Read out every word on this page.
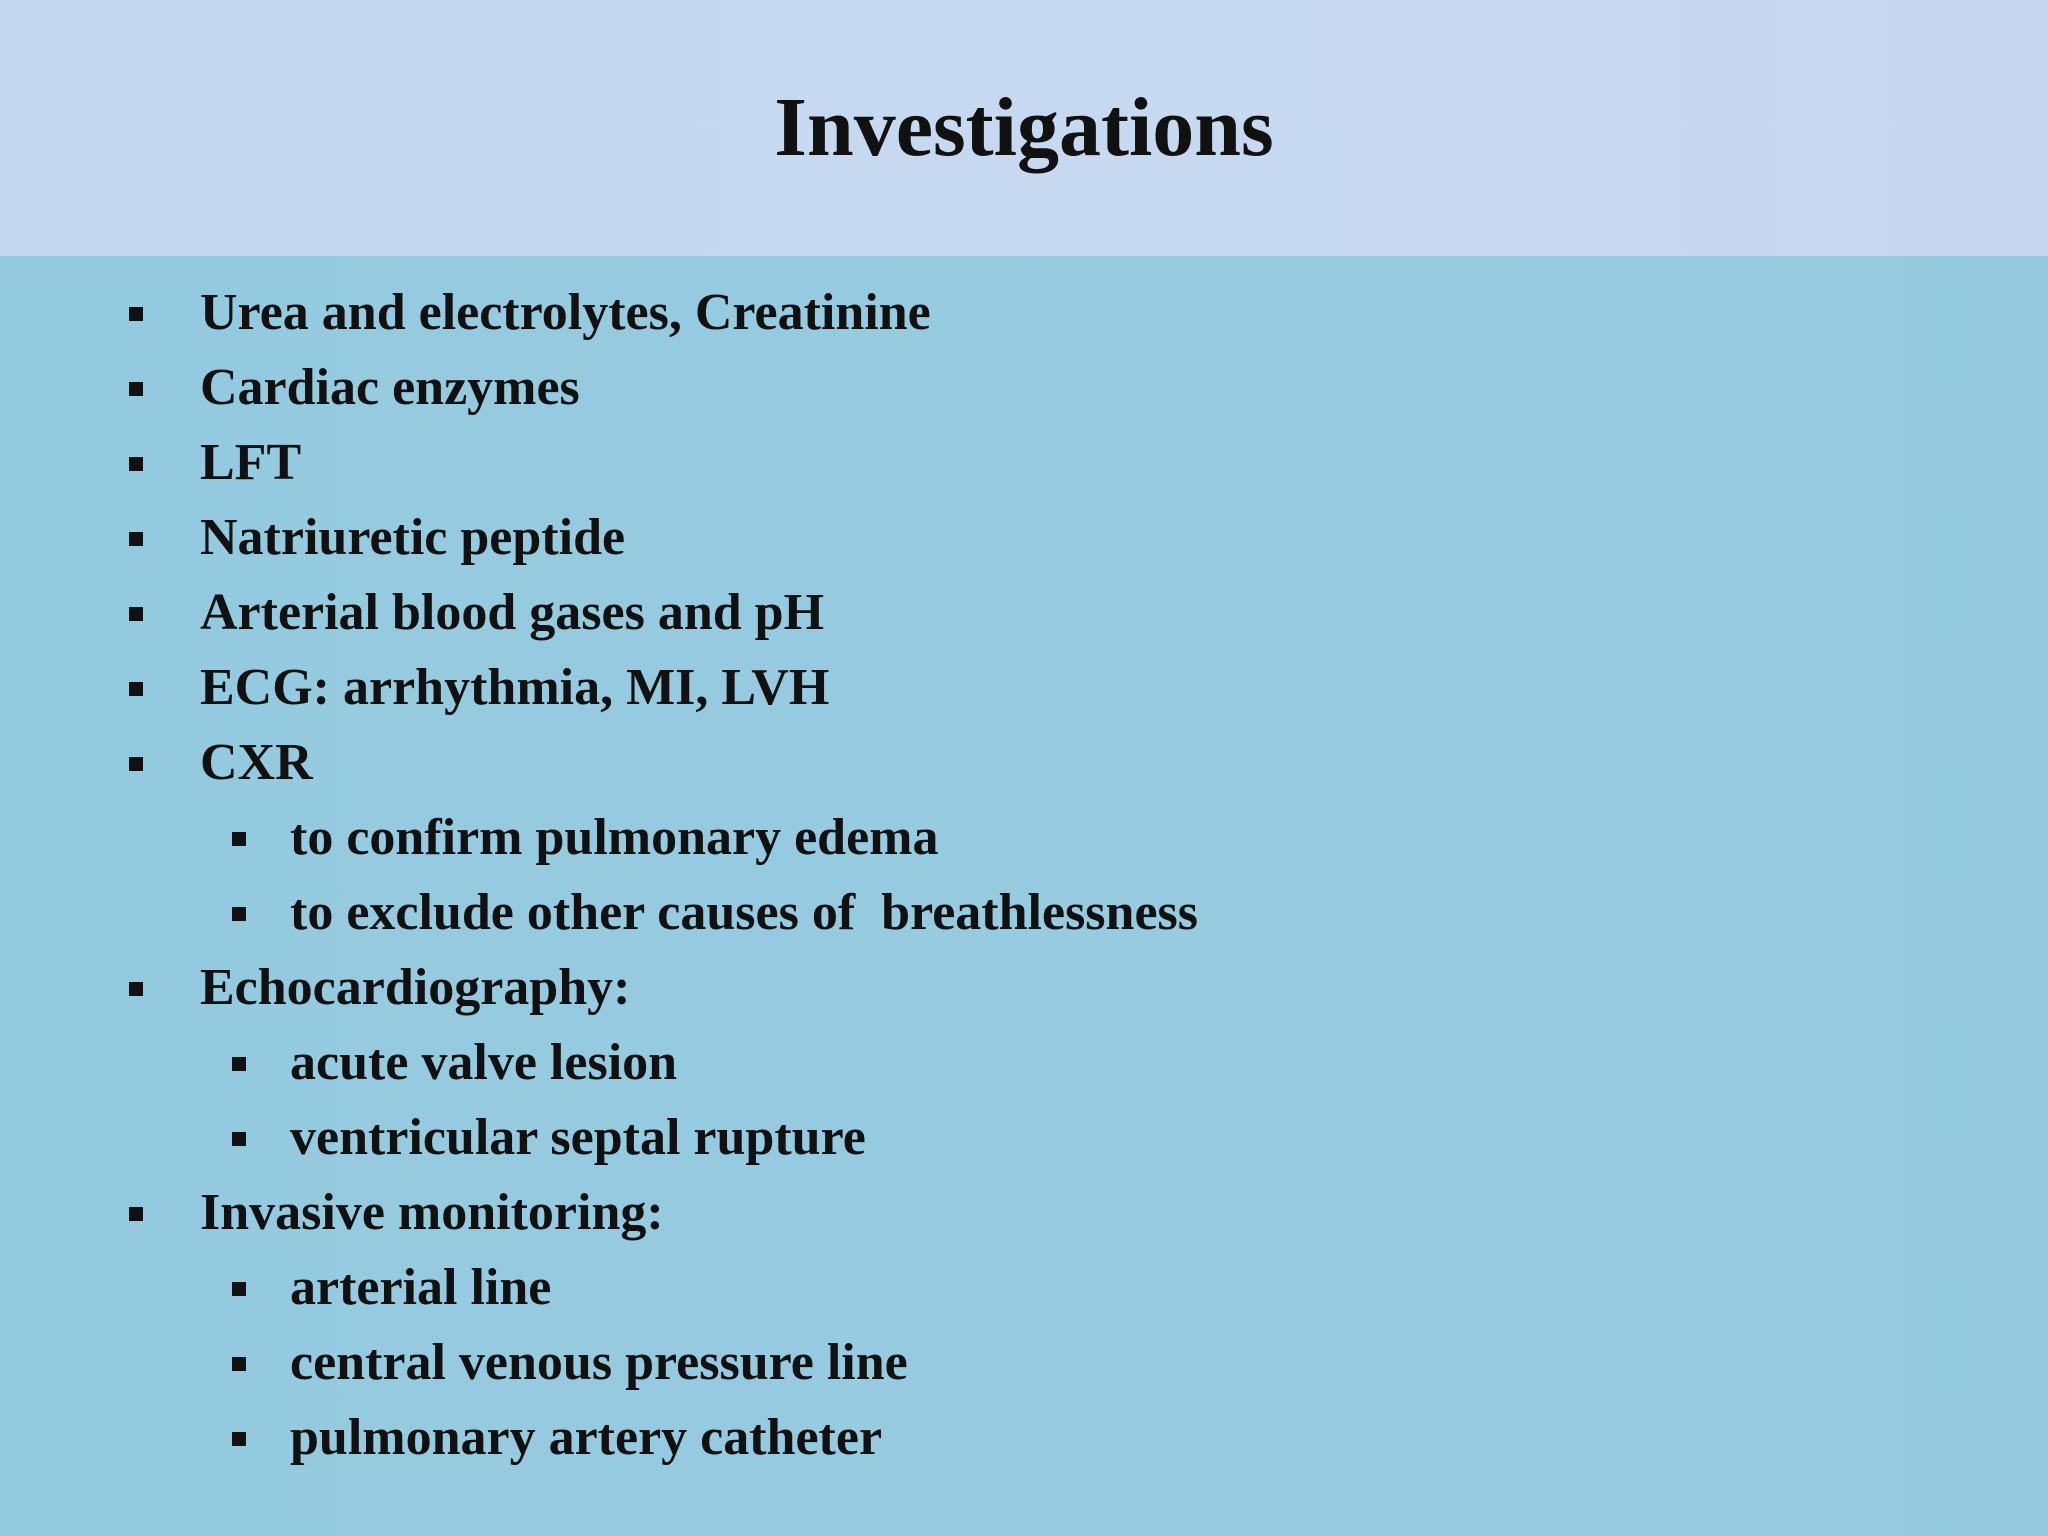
Investigations
Urea and electrolytes, Creatinine
Cardiac enzymes
LFT
Natriuretic peptide
Arterial blood gases and pH
ECG: arrhythmia, MI, LVH
CXR
to confirm pulmonary edema
to exclude other causes of  breathlessness
Echocardiography:
acute valve lesion
ventricular septal rupture
Invasive monitoring:
arterial line
central venous pressure line
pulmonary artery catheter
